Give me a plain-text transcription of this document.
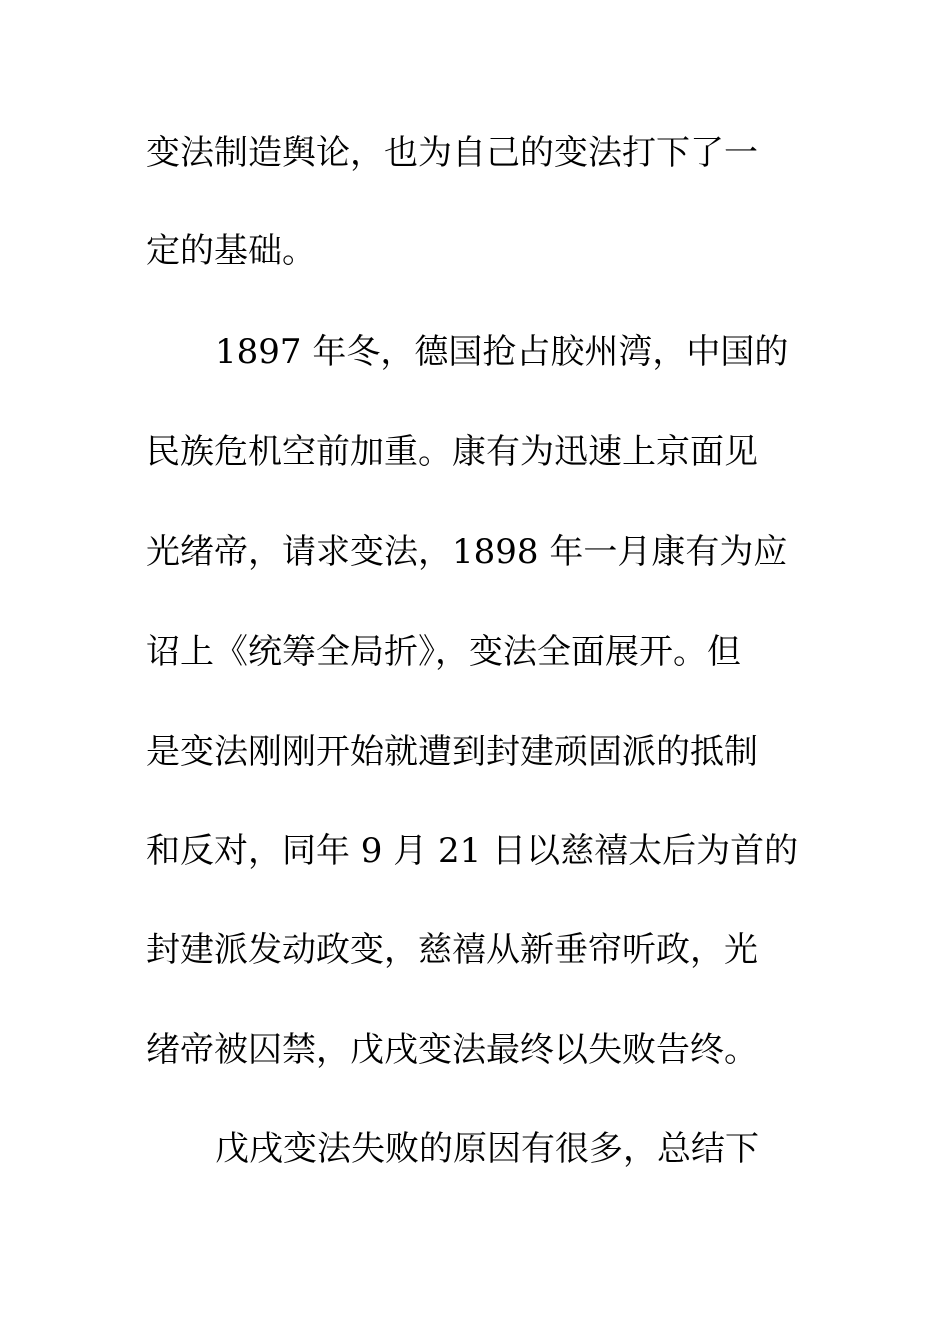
变法制造舆论，也为自己的变法打下了一
定的基础。
1897 年冬，德国抢占胶州湾，中国的
民族危机空前加重。康有为迅速上京面见
光绪帝，请求变法，1898 年一月康有为应
诏上《统筹全局折》，变法全面展开。但
是变法刚刚开始就遭到封建顽固派的抵制
和反对，同年 9 月 21 日以慈禧太后为首的
封建派发动政变，慈禧从新垂帘听政，光
绪帝被囚禁，戊戌变法最终以失败告终。
戊戌变法失败的原因有很多，总结下
